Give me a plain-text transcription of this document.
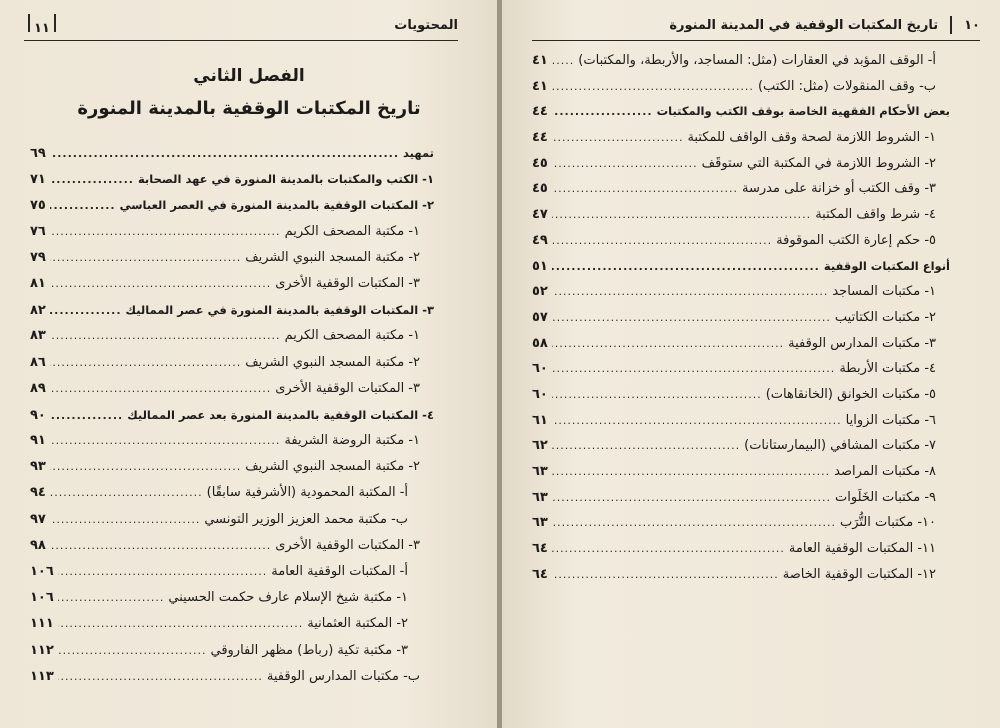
المحتويات
١١
الفصل الثاني
تاريخ المكتبات الوقفية بالمدينة المنورة
تمهيد
.....
٦٩
١- الكتب والمكتبات بالمدينة المنورة في عهد الصحابة
.....
٧١
٢- المكتبات الوقفية بالمدينة المنورة في العصر العباسي
.....
٧٥
١- مكتبة المصحف الكريم
.....
٧٦
٢- مكتبة المسجد النبوي الشريف
.....
٧٩
٣- المكتبات الوقفية الأخرى
.....
٨١
٣- المكتبات الوقفية بالمدينة المنورة في عصر المماليك
.....
٨٢
١- مكتبة المصحف الكريم
.....
٨٣
٢- مكتبة المسجد النبوي الشريف
.....
٨٦
٣- المكتبات الوقفية الأخرى
.....
٨٩
٤- المكتبات الوقفية بالمدينة المنورة بعد عصر المماليك
.....
٩٠
١- مكتبة الروضة الشريفة
.....
٩١
٢- مكتبة المسجد النبوي الشريف
.....
٩٣
أ- المكتبة المحمودية (الأشرفية سابقًا)
.....
٩٤
ب- مكتبة محمد العزيز الوزير التونسي
.....
٩٧
٣- المكتبات الوقفية الأخرى
.....
٩٨
أ- المكتبات الوقفية العامة
.....
١٠٦
١- مكتبة شيخ الإسلام عارف حكمت الحسيني
.....
١٠٦
٢- المكتبة العثمانية
.....
١١١
٣- مكتبة تكية (رباط) مظهر الفاروقي
.....
١١٢
ب- مكتبات المدارس الوقفية
.....
١١٣
١٠
تاريخ المكتبات الوقفية في المدينة المنورة
أ- الوقف المؤبد في العقارات (مثل: المساجد، والأربطة، والمكتبات)
.....
٤١
ب- وقف المنقولات (مثل: الكتب)
.....
٤١
بعض الأحكام الفقهية الخاصة بوقف الكتب والمكتبات
.....
٤٤
١- الشروط اللازمة لصحة وقف الواقف للمكتبة
.....
٤٤
٢- الشروط اللازمة في المكتبة التي ستوقَف
.....
٤٥
٣- وقف الكتب أو خزانة على مدرسة
.....
٤٥
٤- شرط واقف المكتبة
.....
٤٧
٥- حكم إعارة الكتب الموقوفة
.....
٤٩
أنواع المكتبات الوقفية
.....
٥١
١- مكتبات المساجد
.....
٥٢
٢- مكتبات الكتاتيب
.....
٥٧
٣- مكتبات المدارس الوقفية
.....
٥٨
٤- مكتبات الأربطة
.....
٦٠
٥- مكتبات الخوانق (الخانقاهات)
.....
٦٠
٦- مكتبات الزوايا
.....
٦١
٧- مكتبات المشافي (البيمارستانات)
.....
٦٢
٨- مكتبات المراصد
.....
٦٣
٩- مكتبات الخَلَوات
.....
٦٣
١٠- مكتبات التُّرَب
.....
٦٣
١١- المكتبات الوقفية العامة
.....
٦٤
١٢- المكتبات الوقفية الخاصة
.....
٦٤
